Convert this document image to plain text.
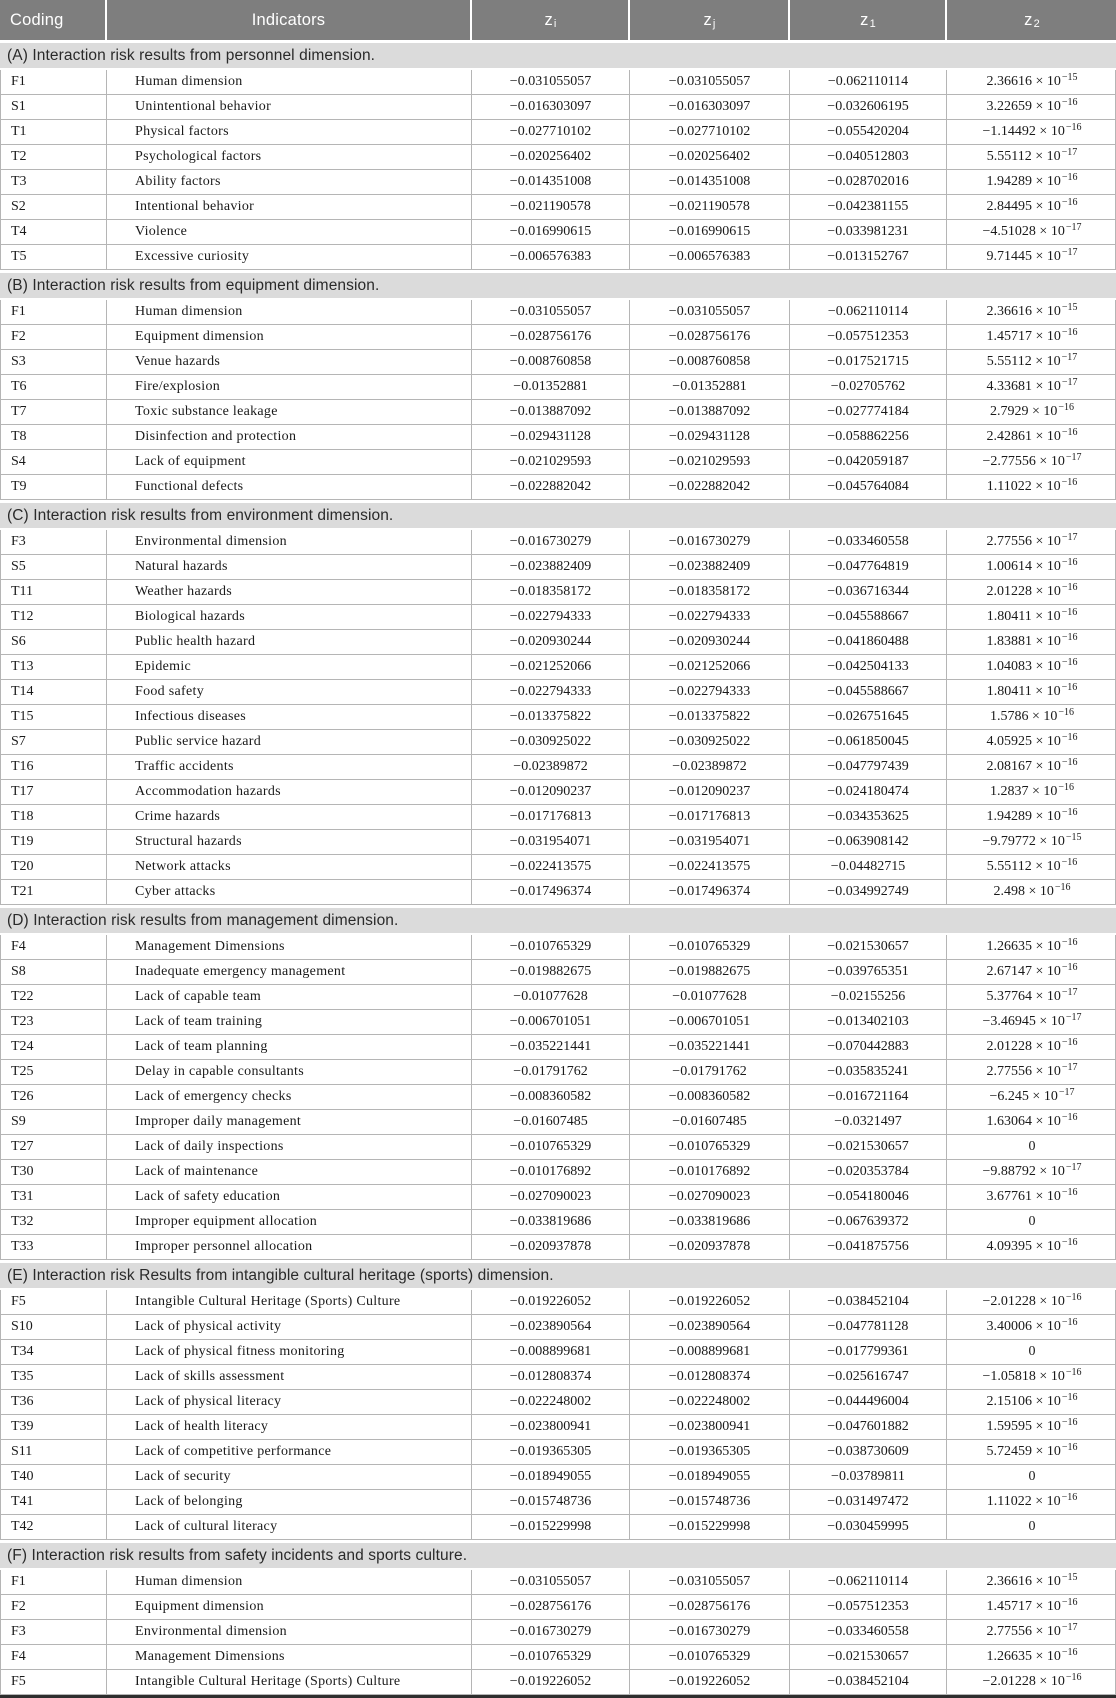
Coding	Indicators	$z_i$	$z_j$	$z_1$	$z_2$
(A) Interaction risk results from personnel dimension.
F1	Human dimension	−0.031055057	−0.031055057	−0.062110114	$2.36616 \times 10^{-15}$
S1	Unintentional behavior	−0.016303097	−0.016303097	−0.032606195	$3.22659 \times 10^{-16}$
T1	Physical factors	−0.027710102	−0.027710102	−0.055420204	$-1.14492 \times 10^{-16}$
T2	Psychological factors	−0.020256402	−0.020256402	−0.040512803	$5.55112 \times 10^{-17}$
T3	Ability factors	−0.014351008	−0.014351008	−0.028702016	$1.94289 \times 10^{-16}$
S2	Intentional behavior	−0.021190578	−0.021190578	−0.042381155	$2.84495 \times 10^{-16}$
T4	Violence	−0.016990615	−0.016990615	−0.033981231	$-4.51028 \times 10^{-17}$
T5	Excessive curiosity	−0.006576383	−0.006576383	−0.013152767	$9.71445 \times 10^{-17}$
(B) Interaction risk results from equipment dimension.
F1	Human dimension	−0.031055057	−0.031055057	−0.062110114	$2.36616 \times 10^{-15}$
F2	Equipment dimension	−0.028756176	−0.028756176	−0.057512353	$1.45717 \times 10^{-16}$
S3	Venue hazards	−0.008760858	−0.008760858	−0.017521715	$5.55112 \times 10^{-17}$
T6	Fire/explosion	−0.01352881	−0.01352881	−0.02705762	$4.33681 \times 10^{-17}$
T7	Toxic substance leakage	−0.013887092	−0.013887092	−0.027774184	$2.7929 \times 10^{-16}$
T8	Disinfection and protection	−0.029431128	−0.029431128	−0.058862256	$2.42861 \times 10^{-16}$
S4	Lack of equipment	−0.021029593	−0.021029593	−0.042059187	$-2.77556 \times 10^{-17}$
T9	Functional defects	−0.022882042	−0.022882042	−0.045764084	$1.11022 \times 10^{-16}$
(C) Interaction risk results from environment dimension.
F3	Environmental dimension	−0.016730279	−0.016730279	−0.033460558	$2.77556 \times 10^{-17}$
S5	Natural hazards	−0.023882409	−0.023882409	−0.047764819	$1.00614 \times 10^{-16}$
T11	Weather hazards	−0.018358172	−0.018358172	−0.036716344	$2.01228 \times 10^{-16}$
T12	Biological hazards	−0.022794333	−0.022794333	−0.045588667	$1.80411 \times 10^{-16}$
S6	Public health hazard	−0.020930244	−0.020930244	−0.041860488	$1.83881 \times 10^{-16}$
T13	Epidemic	−0.021252066	−0.021252066	−0.042504133	$1.04083 \times 10^{-16}$
T14	Food safety	−0.022794333	−0.022794333	−0.045588667	$1.80411 \times 10^{-16}$
T15	Infectious diseases	−0.013375822	−0.013375822	−0.026751645	$1.5786 \times 10^{-16}$
S7	Public service hazard	−0.030925022	−0.030925022	−0.061850045	$4.05925 \times 10^{-16}$
T16	Traffic accidents	−0.02389872	−0.02389872	−0.047797439	$2.08167 \times 10^{-16}$
T17	Accommodation hazards	−0.012090237	−0.012090237	−0.024180474	$1.2837 \times 10^{-16}$
T18	Crime hazards	−0.017176813	−0.017176813	−0.034353625	$1.94289 \times 10^{-16}$
T19	Structural hazards	−0.031954071	−0.031954071	−0.063908142	$-9.79772 \times 10^{-15}$
T20	Network attacks	−0.022413575	−0.022413575	−0.04482715	$5.55112 \times 10^{-16}$
T21	Cyber attacks	−0.017496374	−0.017496374	−0.034992749	$2.498 \times 10^{-16}$
(D) Interaction risk results from management dimension.
F4	Management Dimensions	−0.010765329	−0.010765329	−0.021530657	$1.26635 \times 10^{-16}$
S8	Inadequate emergency management	−0.019882675	−0.019882675	−0.039765351	$2.67147 \times 10^{-16}$
T22	Lack of capable team	−0.01077628	−0.01077628	−0.02155256	$5.37764 \times 10^{-17}$
T23	Lack of team training	−0.006701051	−0.006701051	−0.013402103	$-3.46945 \times 10^{-17}$
T24	Lack of team planning	−0.035221441	−0.035221441	−0.070442883	$2.01228 \times 10^{-16}$
T25	Delay in capable consultants	−0.01791762	−0.01791762	−0.035835241	$2.77556 \times 10^{-17}$
T26	Lack of emergency checks	−0.008360582	−0.008360582	−0.016721164	$-6.245 \times 10^{-17}$
S9	Improper daily management	−0.01607485	−0.01607485	−0.0321497	$1.63064 \times 10^{-16}$
T27	Lack of daily inspections	−0.010765329	−0.010765329	−0.021530657	0
T30	Lack of maintenance	−0.010176892	−0.010176892	−0.020353784	$-9.88792 \times 10^{-17}$
T31	Lack of safety education	−0.027090023	−0.027090023	−0.054180046	$3.67761 \times 10^{-16}$
T32	Improper equipment allocation	−0.033819686	−0.033819686	−0.067639372	0
T33	Improper personnel allocation	−0.020937878	−0.020937878	−0.041875756	$4.09395 \times 10^{-16}$
(E) Interaction risk Results from intangible cultural heritage (sports) dimension.
F5	Intangible Cultural Heritage (Sports) Culture	−0.019226052	−0.019226052	−0.038452104	$-2.01228 \times 10^{-16}$
S10	Lack of physical activity	−0.023890564	−0.023890564	−0.047781128	$3.40006 \times 10^{-16}$
T34	Lack of physical fitness monitoring	−0.008899681	−0.008899681	−0.017799361	0
T35	Lack of skills assessment	−0.012808374	−0.012808374	−0.025616747	$-1.05818 \times 10^{-16}$
T36	Lack of physical literacy	−0.022248002	−0.022248002	−0.044496004	$2.15106 \times 10^{-16}$
T39	Lack of health literacy	−0.023800941	−0.023800941	−0.047601882	$1.59595 \times 10^{-16}$
S11	Lack of competitive performance	−0.019365305	−0.019365305	−0.038730609	$5.72459 \times 10^{-16}$
T40	Lack of security	−0.018949055	−0.018949055	−0.03789811	0
T41	Lack of belonging	−0.015748736	−0.015748736	−0.031497472	$1.11022 \times 10^{-16}$
T42	Lack of cultural literacy	−0.015229998	−0.015229998	−0.030459995	0
(F) Interaction risk results from safety incidents and sports culture.
F1	Human dimension	−0.031055057	−0.031055057	−0.062110114	$2.36616 \times 10^{-15}$
F2	Equipment dimension	−0.028756176	−0.028756176	−0.057512353	$1.45717 \times 10^{-16}$
F3	Environmental dimension	−0.016730279	−0.016730279	−0.033460558	$2.77556 \times 10^{-17}$
F4	Management Dimensions	−0.010765329	−0.010765329	−0.021530657	$1.26635 \times 10^{-16}$
F5	Intangible Cultural Heritage (Sports) Culture	−0.019226052	−0.019226052	−0.038452104	$-2.01228 \times 10^{-16}$
